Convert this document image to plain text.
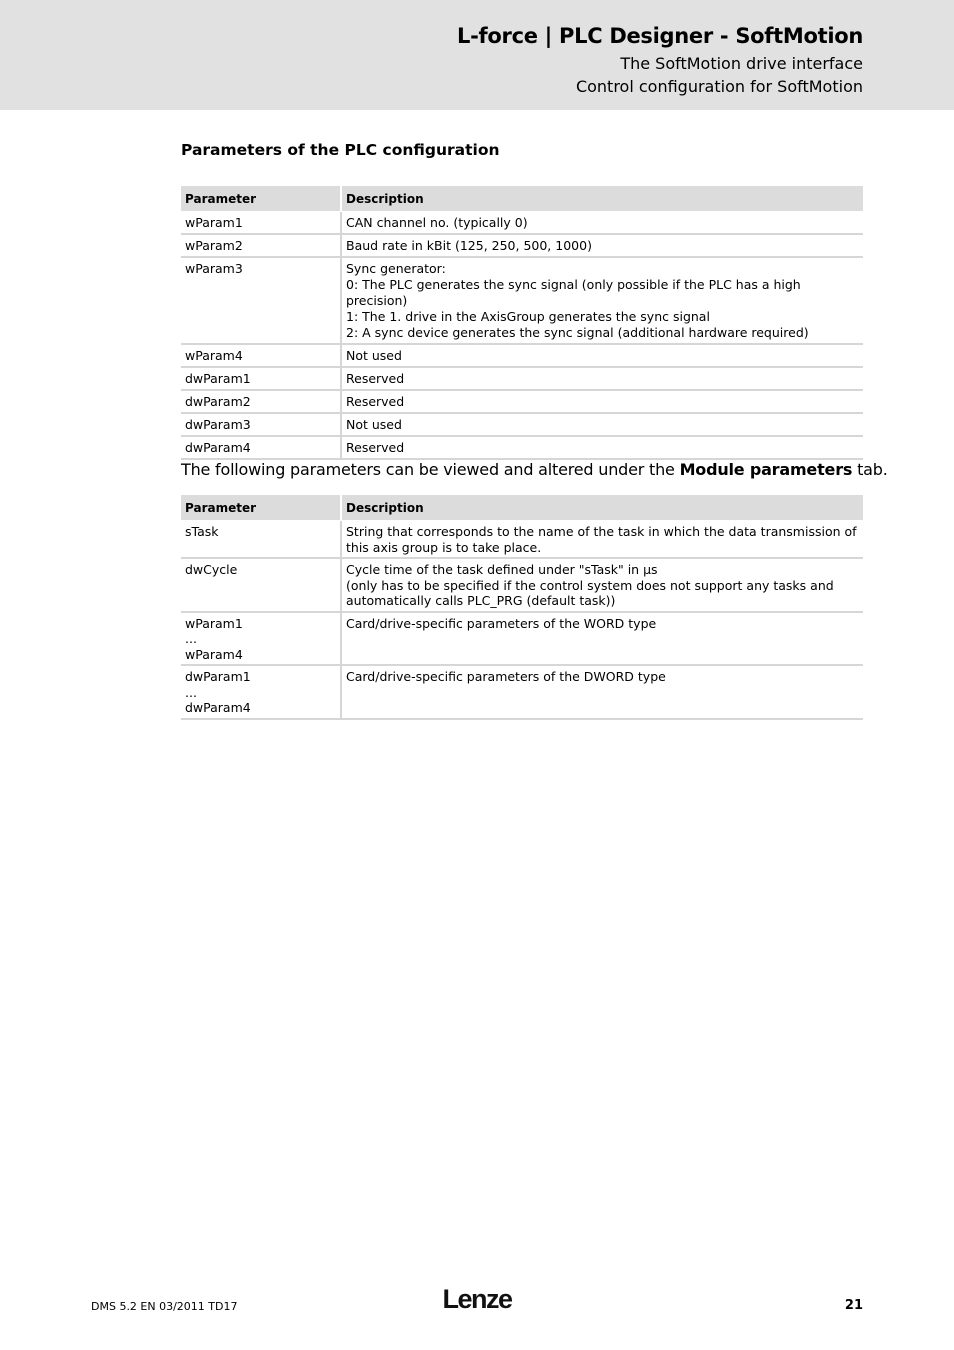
L-force | PLC Designer - SoftMotion
The SoftMotion drive interface
Control configuration for SoftMotion
Parameters of the PLC configuration
Parameter	Description
wParam1	CAN channel no. (typically 0)
wParam2	Baud rate in kBit (125, 250, 500, 1000)
wParam3	Sync generator:
0: The PLC generates the sync signal (only possible if the PLC has a high precision)
1: The 1. drive in the AxisGroup generates the sync signal
2: A sync device generates the sync signal (additional hardware required)
wParam4	Not used
dwParam1	Reserved
dwParam2	Reserved
dwParam3	Not used
dwParam4	Reserved
The following parameters can be viewed and altered under the Module parameters tab.
Parameter	Description
sTask	String that corresponds to the name of the task in which the data transmission of this axis group is to take place.
dwCycle	Cycle time of the task defined under "sTask" in µs
(only has to be specified if the control system does not support any tasks and automatically calls PLC_PRG (default task))
wParam1
...
wParam4	Card/drive-specific parameters of the WORD type
dwParam1
...
dwParam4	Card/drive-specific parameters of the DWORD type
DMS 5.2 EN 03/2011 TD17	Lenze	21
